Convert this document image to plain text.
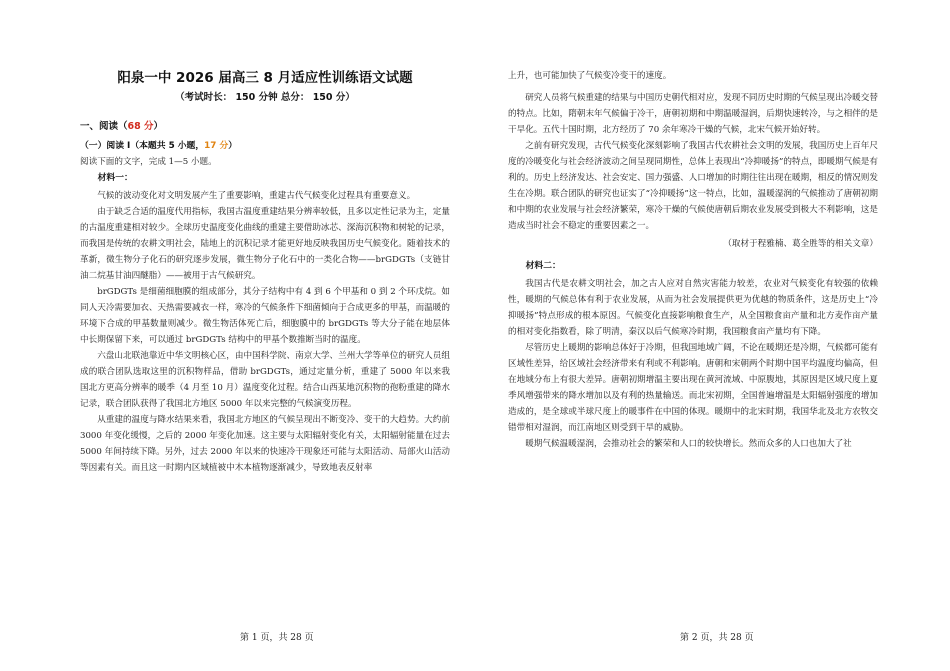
阳泉一中 2026 届高三 8 月适应性训练语文试题
（考试时长： 150 分钟 总分： 150 分）

一、阅读（68 分）

（一）阅读 I（本题共 5 小题，17 分）

阅读下面的文字，完成 1—5 小题。

材料一：

气候的波动变化对文明发展产生了重要影响，重建古代气候变化过程具有重要意义。

由于缺乏合适的温度代用指标，我国古温度重建结果分辨率较低，且多以定性记录为主，定量的古温度重建相对较少。全球历史温度变化曲线的重建主要借助冰芯、深海沉积物和树轮的记录，而我国是传统的农耕文明社会，陆地上的沉积记录才能更好地反映我国历史气候变化。随着技术的革新，微生物分子化石的研究逐步发展，微生物分子化石中的一类化合物——brGDGTs（支链甘油二烷基甘油四醚脂）——被用于古气候研究。

brGDGTs 是细菌细胞膜的组成部分，其分子结构中有 4 到 6 个甲基和 0 到 2 个环戊烷。如同人天冷需要加衣、天热需要减衣一样，寒冷的气候条件下细菌倾向于合成更多的甲基，而温暖的环境下合成的甲基数量则减少。微生物活体死亡后，细胞膜中的 brGDGTs 等大分子能在地层体中长期保留下来，可以通过 brGDGTs 结构中的甲基个数推断当时的温度。

六盘山北联池靠近中华文明核心区，由中国科学院、南京大学、兰州大学等单位的研究人员组成的联合团队选取这里的沉积物样品，借助 brGDGTs，通过定量分析，重建了 5000 年以来我国北方更高分辨率的暖季（4 月至 10 月）温度变化过程。结合山西某地沉积物的孢粉重建的降水记录，联合团队获得了我国北方地区 5000 年以来完整的气候演变历程。

从重建的温度与降水结果来看，我国北方地区的气候呈现出不断变冷、变干的大趋势。大约前 3000 年变化缓慢，之后的 2000 年变化加速。这主要与太阳辐射变化有关，太阳辐射能量在过去 5000 年间持续下降。另外，过去 2000 年以来的快速冷干现象还可能与太阳活动、局部火山活动等因素有关。而且这一时期内区域植被中木本植物逐渐减少，导致地表反射率

上升，也可能加快了气候变冷变干的速度。

研究人员将气候重建的结果与中国历史朝代相对应，发现不同历史时期的气候呈现出冷暖交替的特点。比如，隋朝末年气候偏于冷干，唐朝初期和中期温暖湿润，后期快速转冷，与之相伴的是干旱化。五代十国时期，北方经历了 70 余年寒冷干燥的气候，北宋气候开始好转。

之前有研究发现，古代气候变化深刻影响了我国古代农耕社会文明的发展，我国历史上百年尺度的冷暖变化与社会经济波动之间呈现同期性，总体上表现出“冷抑暖扬”的特点，即暖期气候是有利的。历史上经济发达、社会安定、国力强盛、人口增加的时期往往出现在暖期，相反的情况则发生在冷期。联合团队的研究也证实了“冷抑暖扬”这一特点，比如，温暖湿润的气候推动了唐朝初期和中期的农业发展与社会经济繁荣，寒冷干燥的气候使唐朝后期农业发展受到极大不利影响，这是造成当时社会不稳定的重要因素之一。

（取材于程雅楠、葛全胜等的相关文章）

材料二：

我国古代是农耕文明社会，加之古人应对自然灾害能力较差，农业对气候变化有较强的依赖性，暖期的气候总体有利于农业发展，从而为社会发展提供更为优越的物质条件，这是历史上“冷抑暖扬”特点形成的根本原因。气候变化直接影响粮食生产，从全国粮食亩产量和北方麦作亩产量的相对变化指数看，除了明清，秦汉以后气候寒冷时期，我国粮食亩产量均有下降。

尽管历史上暖期的影响总体好于冷期，但我国地域广阔，不论在暖期还是冷期，气候都可能有区域性差异，给区域社会经济带来有利或不利影响。唐朝和宋朝两个时期中国平均温度均偏高，但在地域分布上有很大差异。唐朝初期增温主要出现在黄河流域、中原腹地，其原因是区域尺度上夏季风增强带来的降水增加以及有利的热量输送。而北宋初期，全国普遍增温是太阳辐射强度的增加造成的，是全球或半球尺度上的暖事件在中国的体现。暖期中的北宋时期，我国华北及北方农牧交错带相对湿润，而江南地区则受到干旱的威胁。

暖期气候温暖湿润，会推动社会的繁荣和人口的较快增长。然而众多的人口也加大了社

第 1 页，共 28 页	第 2 页，共 28 页
